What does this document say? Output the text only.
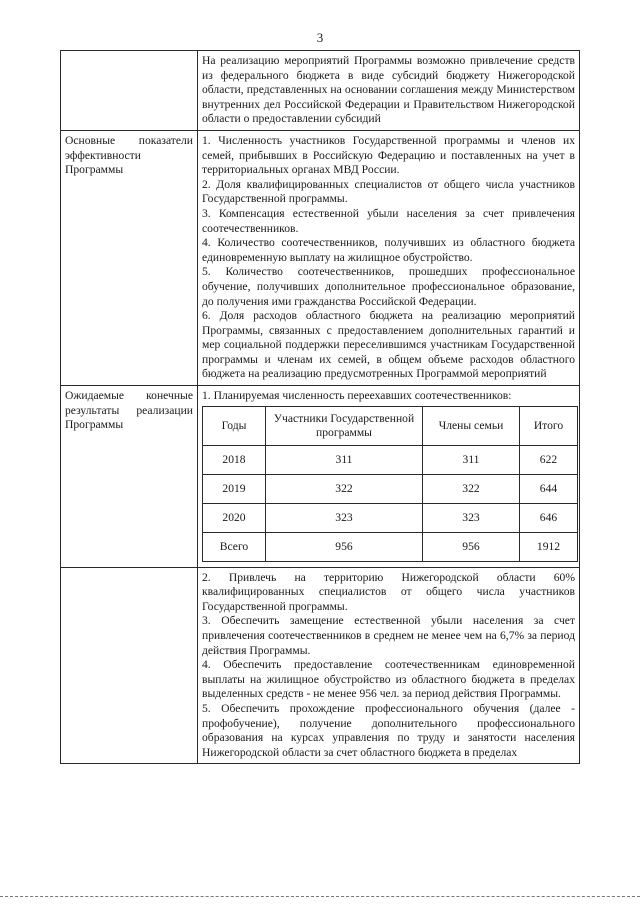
3

На реализацию мероприятий Программы возможно привлечение средств из федерального бюджета в виде субсидий бюджету Нижегородской области, представленных на основании соглашения между Министерством внутренних дел Российской Федерации и Правительством Нижегородской области о предоставлении субсидий

Основные показатели эффективности Программы

1. Численность участников Государственной программы и членов их семей, прибывших в Российскую Федерацию и поставленных на учет в территориальных органах МВД России.

2. Доля квалифицированных специалистов от общего числа участников Государственной программы.

3. Компенсация естественной убыли населения за счет привлечения соотечественников.

4. Количество соотечественников, получивших из областного бюджета единовременную выплату на жилищное обустройство.

5. Количество соотечественников, прошедших профессиональное обучение, получивших дополнительное профессиональное образование, до получения ими гражданства Российской Федерации.

6. Доля расходов областного бюджета на реализацию мероприятий Программы, связанных с предоставлением дополнительных гарантий и мер социальной поддержки переселившимся участникам Государственной программы и членам их семей, в общем объеме расходов областного бюджета на реализацию предусмотренных Программой мероприятий

Ожидаемые конечные результаты реализации Программы

1. Планируемая численность переехавших соотечественников:

Годы	Участники Государственной программы	Члены семьи	Итого
2018	311	311	622
2019	322	322	644
2020	323	323	646
Всего	956	956	1912

2. Привлечь на территорию Нижегородской области 60% квалифицированных специалистов от общего числа участников Государственной программы.

3. Обеспечить замещение естественной убыли населения за счет привлечения соотечественников в среднем не менее чем на 6,7% за период действия Программы.

4. Обеспечить предоставление соотечественникам единовременной выплаты на жилищное обустройство из областного бюджета в пределах выделенных средств - не менее 956 чел. за период действия Программы.

5. Обеспечить прохождение профессионального обучения (далее - профобучение), получение дополнительного профессионального образования на курсах управления по труду и занятости населения Нижегородской области за счет областного бюджета в пределах
